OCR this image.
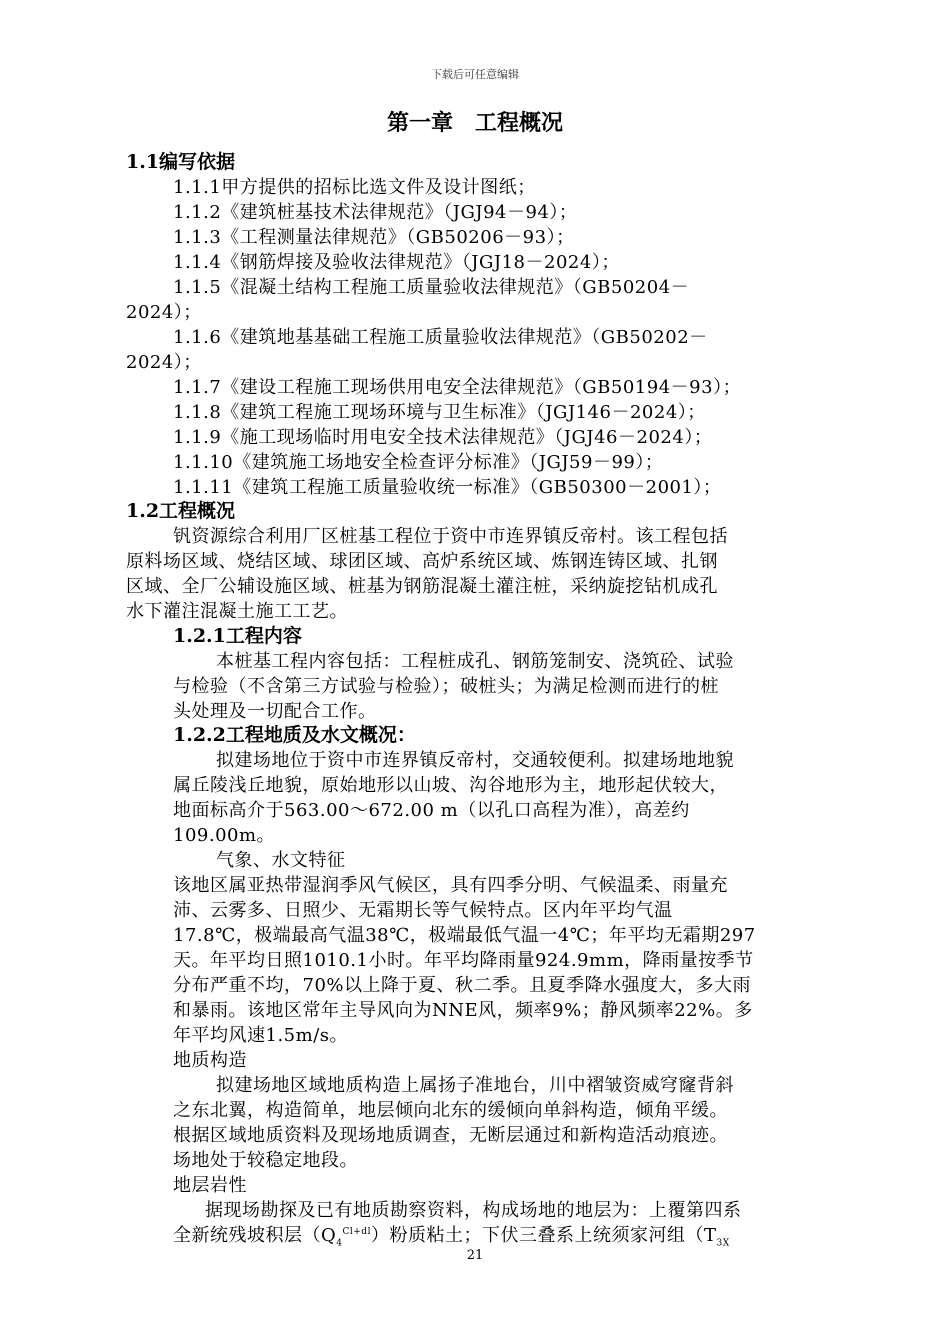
下载后可任意编辑
第一章　工程概况
1.1编写依据
1.1.1甲方提供的招标比选文件及设计图纸；
1.1.2《建筑桩基技术法律规范》（JGJ94－94）；
1.1.3《工程测量法律规范》（GB50206－93）；
1.1.4《钢筋焊接及验收法律规范》（JGJ18－2024）；
1.1.5《混凝土结构工程施工质量验收法律规范》（GB50204－
2024）；
1.1.6《建筑地基基础工程施工质量验收法律规范》（GB50202－
2024）；
1.1.7《建设工程施工现场供用电安全法律规范》（GB50194－93）；
1.1.8《建筑工程施工现场环境与卫生标准》（JGJ146－2024）；
1.1.9《施工现场临时用电安全技术法律规范》（JGJ46－2024）；
1.1.10《建筑施工场地安全检查评分标准》（JGJ59－99）；
1.1.11《建筑工程施工质量验收统一标准》（GB50300－2001）；
1.2工程概况
钒资源综合利用厂区桩基工程位于资中市连界镇反帝村。该工程包括
原料场区域、烧结区域、球团区域、高炉系统区域、炼钢连铸区域、扎钢
区域、全厂公辅设施区域、桩基为钢筋混凝土灌注桩，采纳旋挖钻机成孔
水下灌注混凝土施工工艺。
1.2.1工程内容
本桩基工程内容包括：工程桩成孔、钢筋笼制安、浇筑砼、试验
与检验（不含第三方试验与检验）；破桩头；为满足检测而进行的桩
头处理及一切配合工作。
1.2.2工程地质及水文概况：
拟建场地位于资中市连界镇反帝村，交通较便利。拟建场地地貌
属丘陵浅丘地貌，原始地形以山坡、沟谷地形为主，地形起伏较大，
地面标高介于563.00～672.00 m（以孔口高程为准），高差约
109.00m。
气象、水文特征
该地区属亚热带湿润季风气候区，具有四季分明、气候温柔、雨量充
沛、云雾多、日照少、无霜期长等气候特点。区内年平均气温
17.8℃，极端最高气温38℃，极端最低气温一4℃；年平均无霜期297
天。年平均日照1010.1小时。年平均降雨量924.9mm，降雨量按季节
分布严重不均，70%以上降于夏、秋二季。且夏季降水强度大，多大雨
和暴雨。该地区常年主导风向为NNE风，频率9%；静风频率22%。多
年平均风速1.5m/s。
地质构造
拟建场地区域地质构造上属扬子准地台，川中褶皱资威穹窿背斜
之东北翼，构造简单，地层倾向北东的缓倾向单斜构造，倾角平缓。
根据区域地质资料及现场地质调查，无断层通过和新构造活动痕迹。
场地处于较稳定地段。
地层岩性
据现场勘探及已有地质勘察资料，构成场地的地层为：上覆第四系
全新统残坡积层$(Q_4^{Cl+dl})$粉质粘土；下伏三叠系上统须家河组（$T_{3X}$
21
